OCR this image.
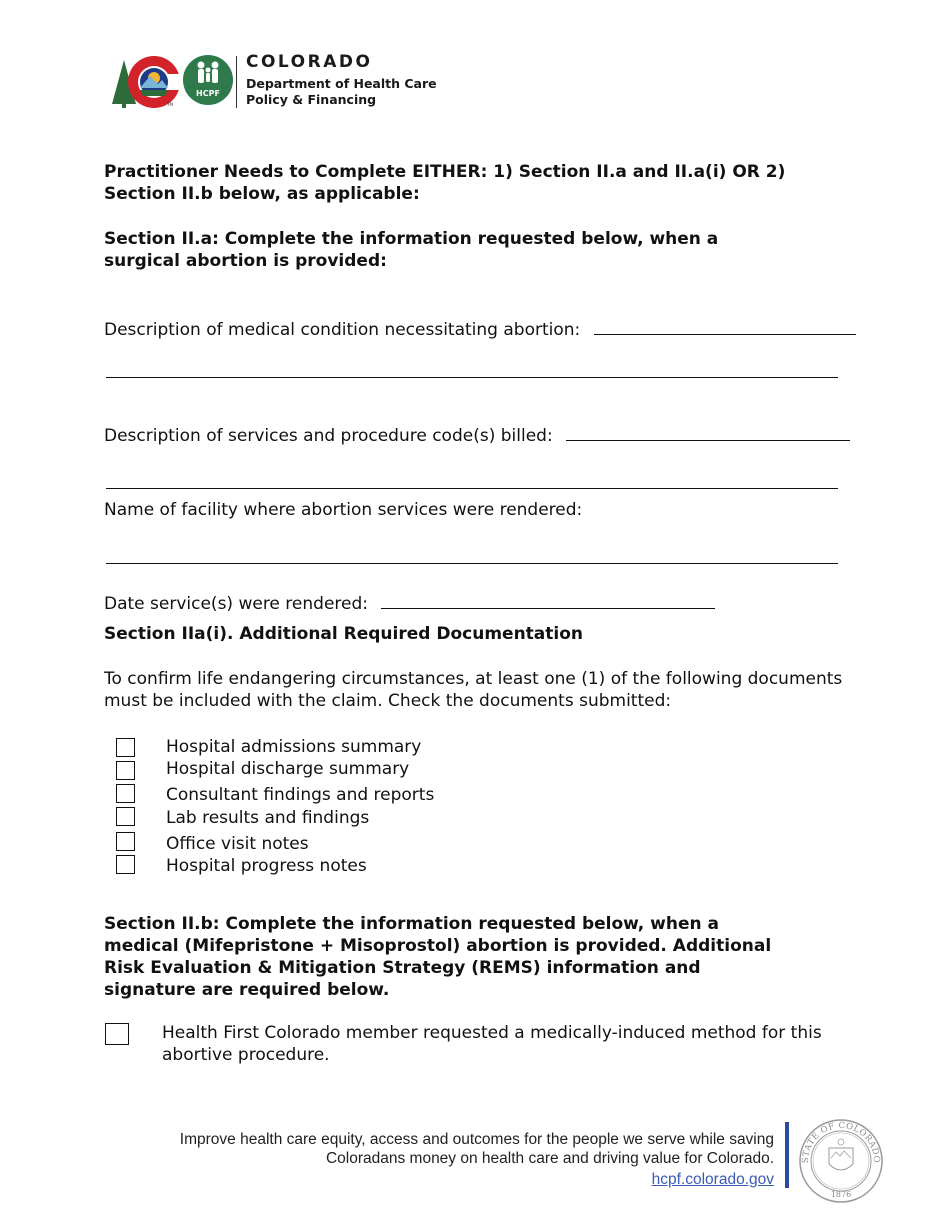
HCPF
TM
COLORADO
Department of Health Care
Policy & Financing
Practitioner Needs to Complete EITHER: 1) Section II.a and II.a(i) OR 2)
Section II.b below, as applicable:
Section II.a: Complete the information requested below, when a
surgical abortion is provided:
Description of medical condition necessitating abortion:
Description of services and procedure code(s) billed:
Name of facility where abortion services were rendered:
Date service(s) were rendered:
Section IIa(i). Additional Required Documentation
To confirm life endangering circumstances, at least one (1) of the following documents
must be included with the claim. Check the documents submitted:
Hospital admissions summary
Hospital discharge summary
Consultant findings and reports
Lab results and findings
Office visit notes
Hospital progress notes
Section II.b: Complete the information requested below, when a
medical (Mifepristone + Misoprostol) abortion is provided. Additional
Risk Evaluation & Mitigation Strategy (REMS) information and
signature are required below.
Health First Colorado member requested a medically-induced method for this
abortive procedure.
Improve health care equity, access and outcomes for the people we serve while saving
Coloradans money on health care and driving value for Colorado.
hcpf.colorado.gov
STATE OF COLORADO
1876
